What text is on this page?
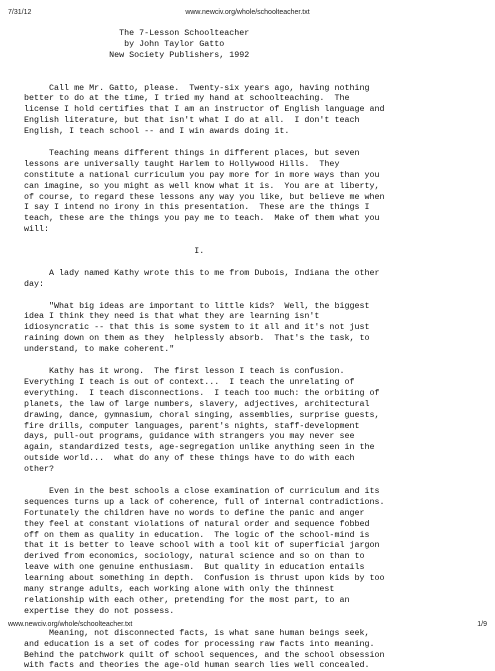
7/31/12	www.newciv.org/whole/schoolteacher.txt
The 7-Lesson Schoolteacher
by John Taylor Gatto
New Society Publishers, 1992
Call me Mr. Gatto, please.  Twenty-six years ago, having nothing
better to do at the time, I tried my hand at schoolteaching.  The
license I hold certifies that I am an instructor of English language and
English literature, but that isn't what I do at all.  I don't teach
English, I teach school -- and I win awards doing it.
Teaching means different things in different places, but seven
lessons are universally taught Harlem to Hollywood Hills.  They
constitute a national curriculum you pay more for in more ways than you
can imagine, so you might as well know what it is.  You are at liberty,
of course, to regard these lessons any way you like, but believe me when
I say I intend no irony in this presentation.  These are the things I
teach, these are the things you pay me to teach.  Make of them what you
will:
I.
A lady named Kathy wrote this to me from Dubois, Indiana the other
day:
"What big ideas are important to little kids?  Well, the biggest
idea I think they need is that what they are learning isn't
idiosyncratic -- that this is some system to it all and it's not just
raining down on them as they  helplessly absorb.  That's the task, to
understand, to make coherent."
Kathy has it wrong.  The first lesson I teach is confusion.
Everything I teach is out of context...  I teach the unrelating of
everything.  I teach disconnections.  I teach too much: the orbiting of
planets, the law of large numbers, slavery, adjectives, architectural
drawing, dance, gymnasium, choral singing, assemblies, surprise guests,
fire drills, computer languages, parent's nights, staff-development
days, pull-out programs, guidance with strangers you may never see
again, standardized tests, age-segregation unlike anything seen in the
outside world...  what do any of these things have to do with each
other?
Even in the best schools a close examination of curriculum and its
sequences turns up a lack of coherence, full of internal contradictions.
Fortunately the children have no words to define the panic and anger
they feel at constant violations of natural order and sequence fobbed
off on them as quality in education.  The logic of the school-mind is
that it is better to leave school with a tool kit of superficial jargon
derived from economics, sociology, natural science and so on than to
leave with one genuine enthusiasm.  But quality in education entails
learning about something in depth.  Confusion is thrust upon kids by too
many strange adults, each working alone with only the thinnest
relationship with each other, pretending for the most part, to an
expertise they do not possess.
Meaning, not disconnected facts, is what sane human beings seek,
and education is a set of codes for processing raw facts into meaning.
Behind the patchwork quilt of school sequences, and the school obsession
with facts and theories the age-old human search lies well concealed.
www.newciv.org/whole/schoolteacher.txt	1/9
